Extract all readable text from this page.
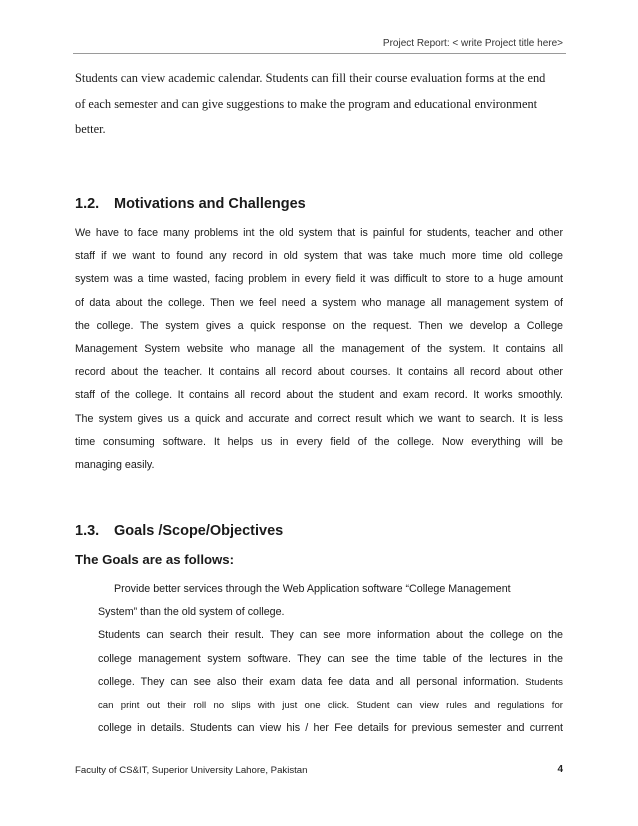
Project Report: < write Project title here>
Students can view academic calendar. Students can fill their course evaluation forms at the end
of each semester and can give suggestions to make the program and educational environment
better.
1.2. Motivations and Challenges
We have to face many problems int the old system that is painful for students, teacher and other
staff if we want to found any record in old system that was take much more time old college
system was a time wasted, facing problem in every field it was difficult to store to a huge amount
of data about the college. Then we feel need a system who manage all management system of
the college. The system gives a quick response on the request. Then we develop a College
Management System website who manage all the management of the system. It contains all
record about the teacher. It contains all record about courses. It contains all record about other
staff of the college. It contains all record about the student and exam record. It works smoothly.
The system gives us a quick and accurate and correct result which we want to search. It is less
time consuming software. It helps us in every field of the college. Now everything will be
managing easily.
1.3. Goals /Scope/Objectives
The Goals are as follows:
Provide better services through the Web Application software “College Management
System” than the old system of college.
Students can search their result. They can see more information about the college on the
college management system software. They can see the time table of the lectures in the
college. They can see also their exam data fee data and all personal information. Students
can print out their roll no slips with just one click. Student can view rules and regulations for
college in details. Students can view his / her Fee details for previous semester and current
Faculty of CS&IT, Superior University Lahore, Pakistan	4
